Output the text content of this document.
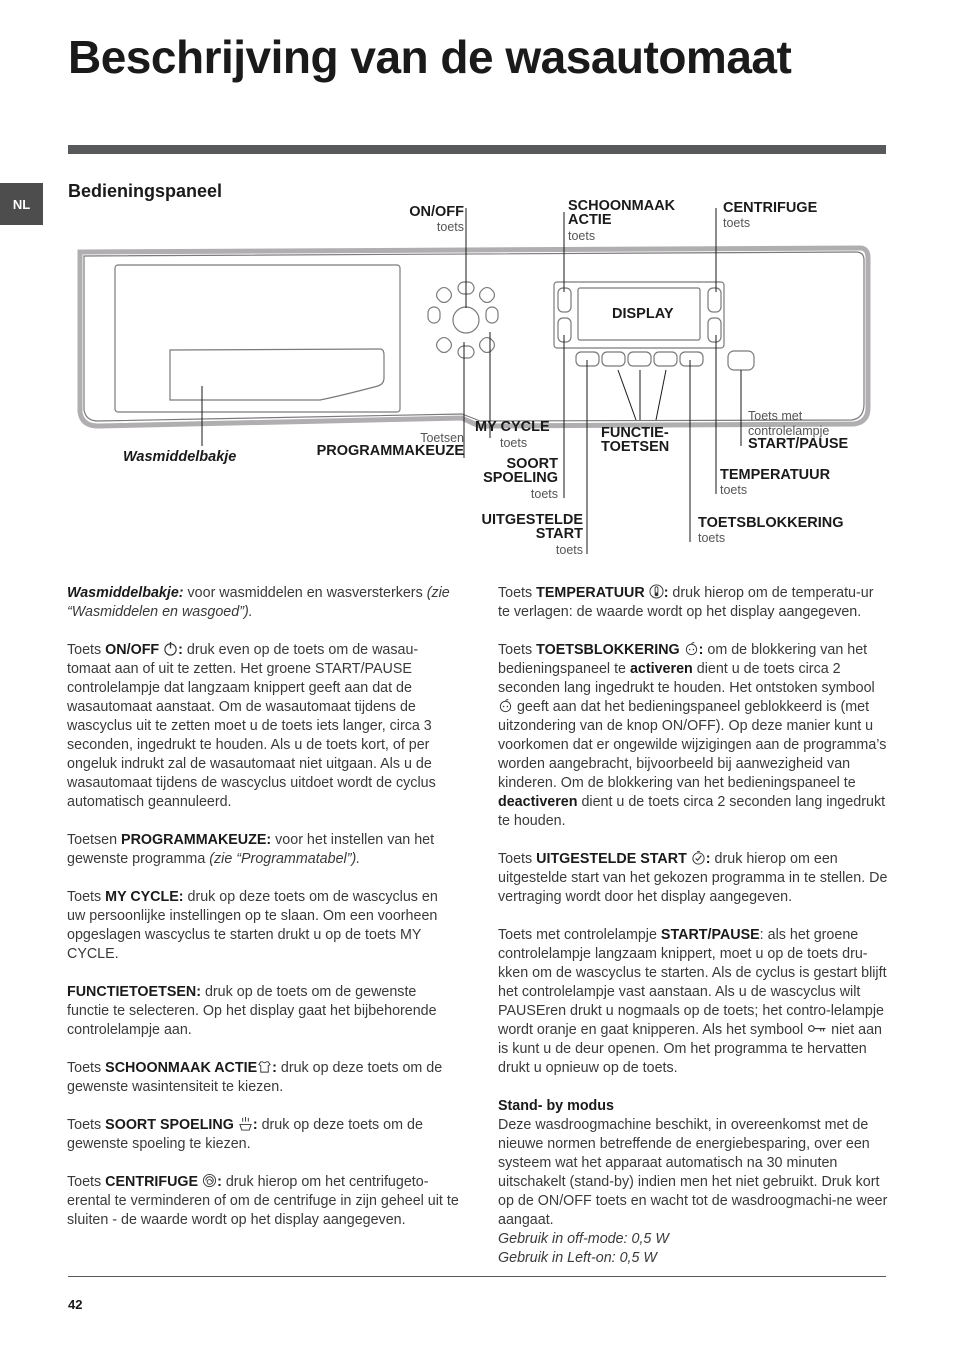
Beschrijving van de wasautomaat
NL
Bedieningspaneel
ON/OFF
toets
SCHOONMAAK
ACTIE
toets
CENTRIFUGE
toets
DISPLAY
Wasmiddelbakje
Toetsen
PROGRAMMAKEUZE
MY CYCLE
toets
SOORT
SPOELING
toets
UITGESTELDE
START
toets
FUNCTIE-
TOETSEN
Toets met
controlelampje
START/PAUSE
TEMPERATUUR
toets
TOETSBLOKKERING
toets

Wasmiddelbakje: voor wasmiddelen en wasversterkers (zie “Wasmiddelen en wasgoed”).

Toets ON/OFF : druk even op de toets om de wasau-tomaat aan of uit te zetten. Het groene START/PAUSE controlelampje dat langzaam knippert geeft aan dat de wasautomaat aanstaat. Om de wasautomaat tijdens de wascyclus uit te zetten moet u de toets iets langer, circa 3 seconden, ingedrukt te houden. Als u de toets kort, of per ongeluk indrukt zal de wasautomaat niet uitgaan. Als u de wasautomaat tijdens de wascyclus uitdoet wordt de cyclus automatisch geannuleerd.

Toetsen PROGRAMMAKEUZE: voor het instellen van het gewenste programma (zie “Programmatabel”).

Toets MY CYCLE: druk op deze toets om de wascyclus en uw persoonlijke instellingen op te slaan. Om een voorheen opgeslagen wascyclus te starten drukt u op de toets MY CYCLE.

FUNCTIETOETSEN: druk op de toets om de gewenste functie te selecteren. Op het display gaat het bijbehorende controlelampje aan.

Toets SCHOONMAAK ACTIE : druk op deze toets om de gewenste wasintensiteit te kiezen.

Toets SOORT SPOELING : druk op deze toets om de gewenste spoeling te kiezen.

Toets CENTRIFUGE : druk hierop om het centrifugeto-erental te verminderen of om de centrifuge in zijn geheel uit te sluiten - de waarde wordt op het display aangegeven.

Toets TEMPERATUUR : druk hierop om de temperatu-ur te verlagen: de waarde wordt op het display aangegeven.

Toets TOETSBLOKKERING : om de blokkering van het bedieningspaneel te activeren dient u de toets circa 2 seconden lang ingedrukt te houden. Het ontstoken symbool  geeft aan dat het bedieningspaneel geblokkeerd is (met uitzondering van de knop ON/OFF). Op deze manier kunt u voorkomen dat er ongewilde wijzigingen aan de programma’s worden aangebracht, bijvoorbeeld bij aanwezigheid van kinderen. Om de blokkering van het bedieningspaneel te deactiveren dient u de toets circa 2 seconden lang ingedrukt te houden.

Toets UITGESTELDE START : druk hierop om een uitgestelde start van het gekozen programma in te stellen. De vertraging wordt door het display aangegeven.

Toets met controlelampje START/PAUSE: als het groene controlelampje langzaam knippert, moet u op de toets dru-kken om de wascyclus te starten. Als de cyclus is gestart blijft het controlelampje vast aanstaan. Als u de wascyclus wilt PAUSEren drukt u nogmaals op de toets; het contro-lelampje wordt oranje en gaat knipperen. Als het symbool  niet aan is kunt u de deur openen. Om het programma te hervatten drukt u opnieuw op de toets.

Stand- by modus
Deze wasdroogmachine beschikt, in overeenkomst met de nieuwe normen betreffende de energiebesparing, over een systeem wat het apparaat automatisch na 30 minuten uitschakelt (stand-by) indien men het niet gebruikt. Druk kort op de ON/OFF toets en wacht tot de wasdroogmachi-ne weer aangaat.
Gebruik in off-mode: 0,5 W
Gebruik in Left-on: 0,5 W
42
